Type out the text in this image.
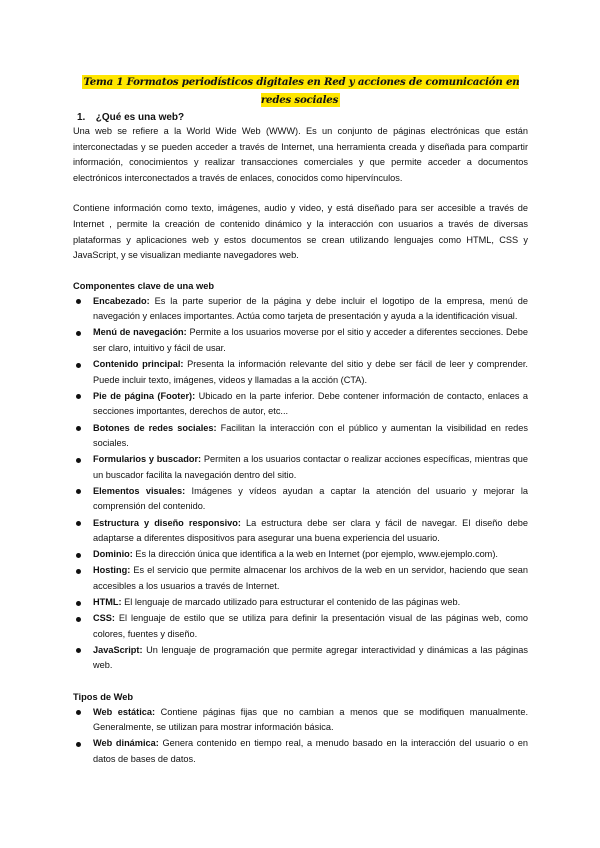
Tema 1 Formatos periodísticos digitales en Red y acciones de comunicación en redes sociales
1. ¿Qué es una web?

Una web se refiere a la World Wide Web (WWW). Es un conjunto de páginas electrónicas que están interconectadas y se pueden acceder a través de Internet, una herramienta creada y diseñada para compartir información, conocimientos y realizar transacciones comerciales y que permite acceder a documentos electrónicos interconectados a través de enlaces, conocidos como hipervínculos.

Contiene información como texto, imágenes, audio y video, y está diseñado para ser accesible a través de Internet , permite la creación de contenido dinámico y la interacción con usuarios a través de diversas plataformas y aplicaciones web y estos documentos se crean utilizando lenguajes como HTML, CSS y JavaScript, y se visualizan mediante navegadores web.

Componentes clave de una web
Encabezado: Es la parte superior de la página y debe incluir el logotipo de la empresa, menú de navegación y enlaces importantes. Actúa como tarjeta de presentación y ayuda a la identificación visual.
Menú de navegación: Permite a los usuarios moverse por el sitio y acceder a diferentes secciones. Debe ser claro, intuitivo y fácil de usar.
Contenido principal: Presenta la información relevante del sitio y debe ser fácil de leer y comprender. Puede incluir texto, imágenes, videos y llamadas a la acción (CTA).
Pie de página (Footer): Ubicado en la parte inferior. Debe contener información de contacto, enlaces a secciones importantes, derechos de autor, etc...
Botones de redes sociales: Facilitan la interacción con el público y aumentan la visibilidad en redes sociales.
Formularios y buscador: Permiten a los usuarios contactar o realizar acciones específicas, mientras que un buscador facilita la navegación dentro del sitio.
Elementos visuales: Imágenes y vídeos ayudan a captar la atención del usuario y mejorar la comprensión del contenido.
Estructura y diseño responsivo: La estructura debe ser clara y fácil de navegar. El diseño debe adaptarse a diferentes dispositivos para asegurar una buena experiencia del usuario.
Dominio: Es la dirección única que identifica a la web en Internet (por ejemplo, www.ejemplo.com).
Hosting: Es el servicio que permite almacenar los archivos de la web en un servidor, haciendo que sean accesibles a los usuarios a través de Internet.
HTML: El lenguaje de marcado utilizado para estructurar el contenido de las páginas web.
CSS: El lenguaje de estilo que se utiliza para definir la presentación visual de las páginas web, como colores, fuentes y diseño.
JavaScript: Un lenguaje de programación que permite agregar interactividad y dinámicas a las páginas web.
Tipos de Web
Web estática: Contiene páginas fijas que no cambian a menos que se modifiquen manualmente. Generalmente, se utilizan para mostrar información básica.
Web dinámica: Genera contenido en tiempo real, a menudo basado en la interacción del usuario o en datos de bases de datos.
